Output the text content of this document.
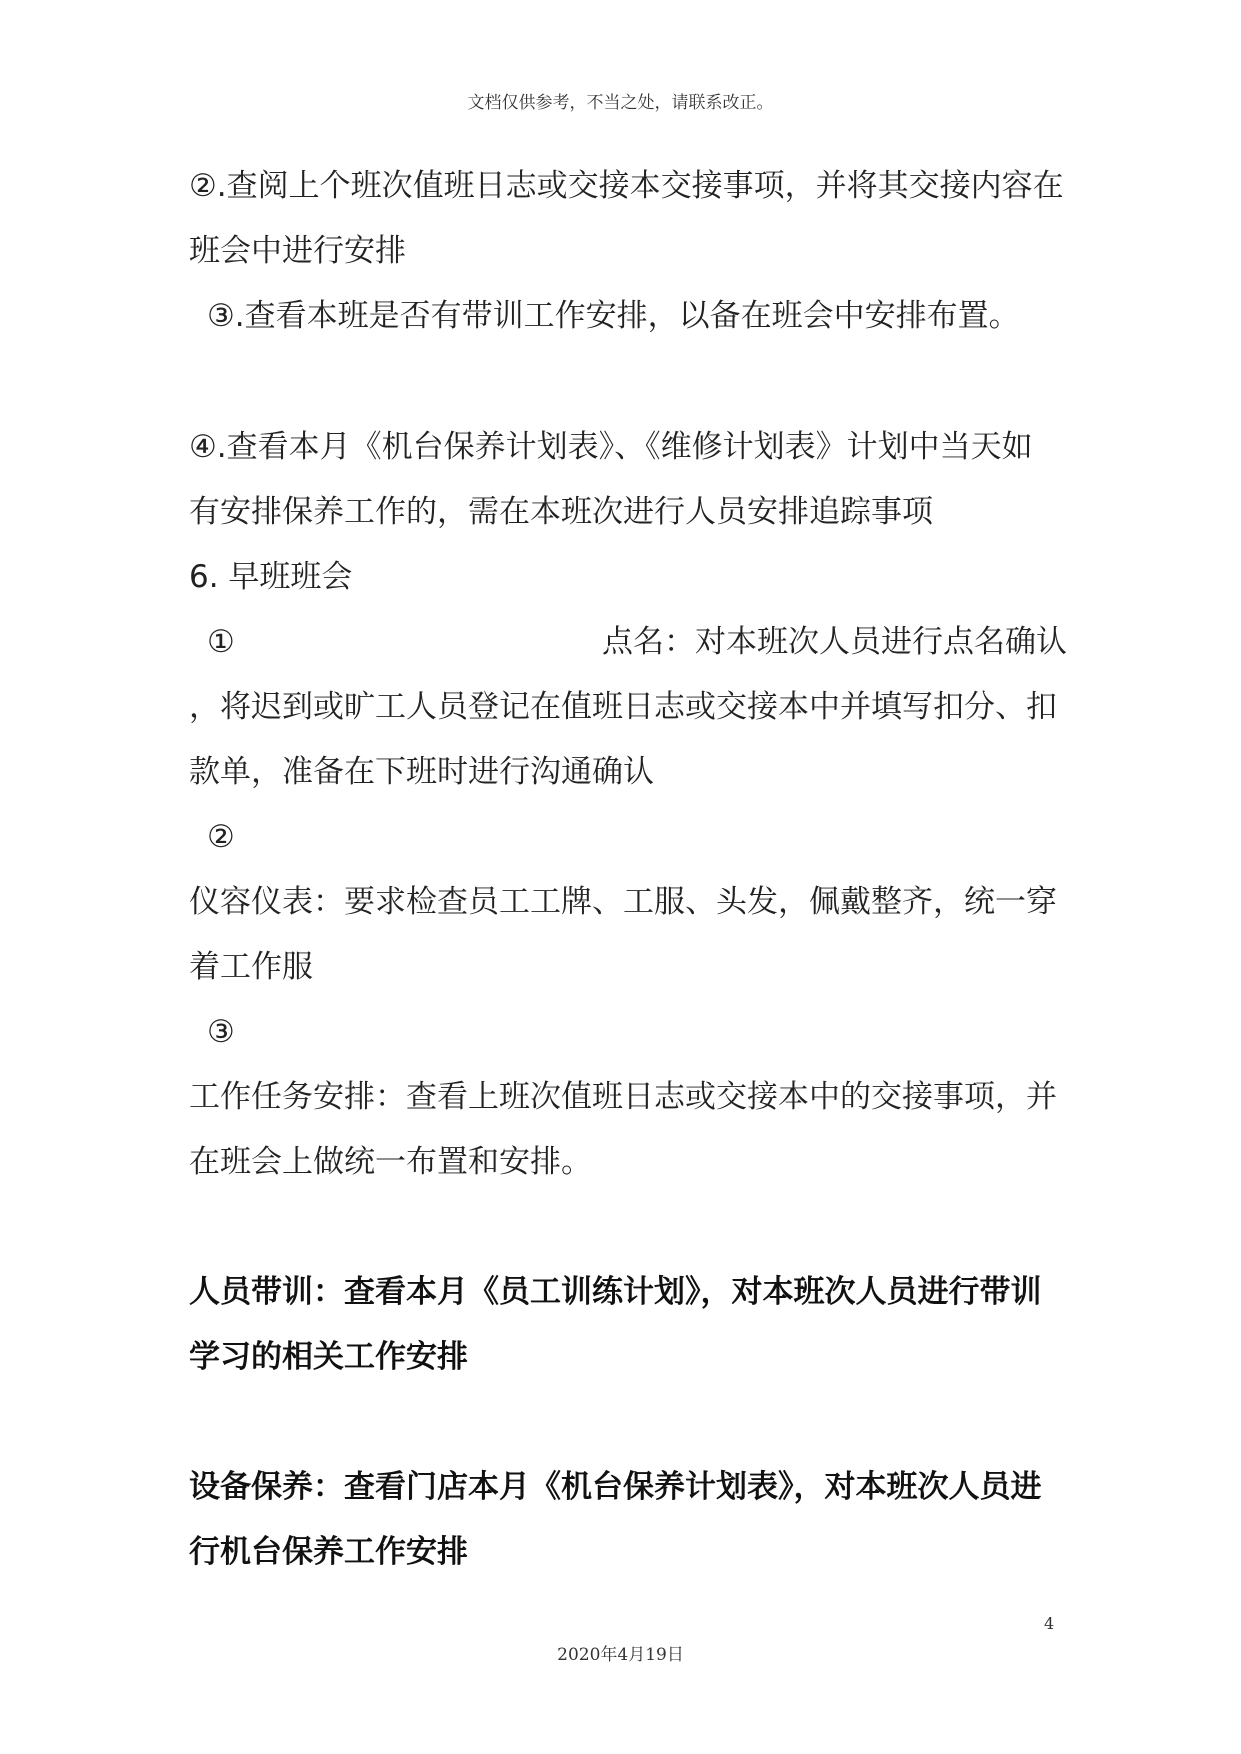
文档仅供参考，不当之处，请联系改正。
②.查阅上个班次值班日志或交接本交接事项，并将其交接内容在
班会中进行安排
③.查看本班是否有带训工作安排，以备在班会中安排布置。
④.查看本月《机台保养计划表》、《维修计划表》计划中当天如
有安排保养工作的，需在本班次进行人员安排追踪事项
6. 早班班会
①	点名：对本班次人员进行点名确认
，将迟到或旷工人员登记在值班日志或交接本中并填写扣分、扣
款单，准备在下班时进行沟通确认
②
仪容仪表：要求检查员工工牌、工服、头发，佩戴整齐，统一穿
着工作服
③
工作任务安排：查看上班次值班日志或交接本中的交接事项，并
在班会上做统一布置和安排。
人员带训：查看本月《员工训练计划》，对本班次人员进行带训
学习的相关工作安排
设备保养：查看门店本月《机台保养计划表》，对本班次人员进
行机台保养工作安排
4
2020年4月19日
